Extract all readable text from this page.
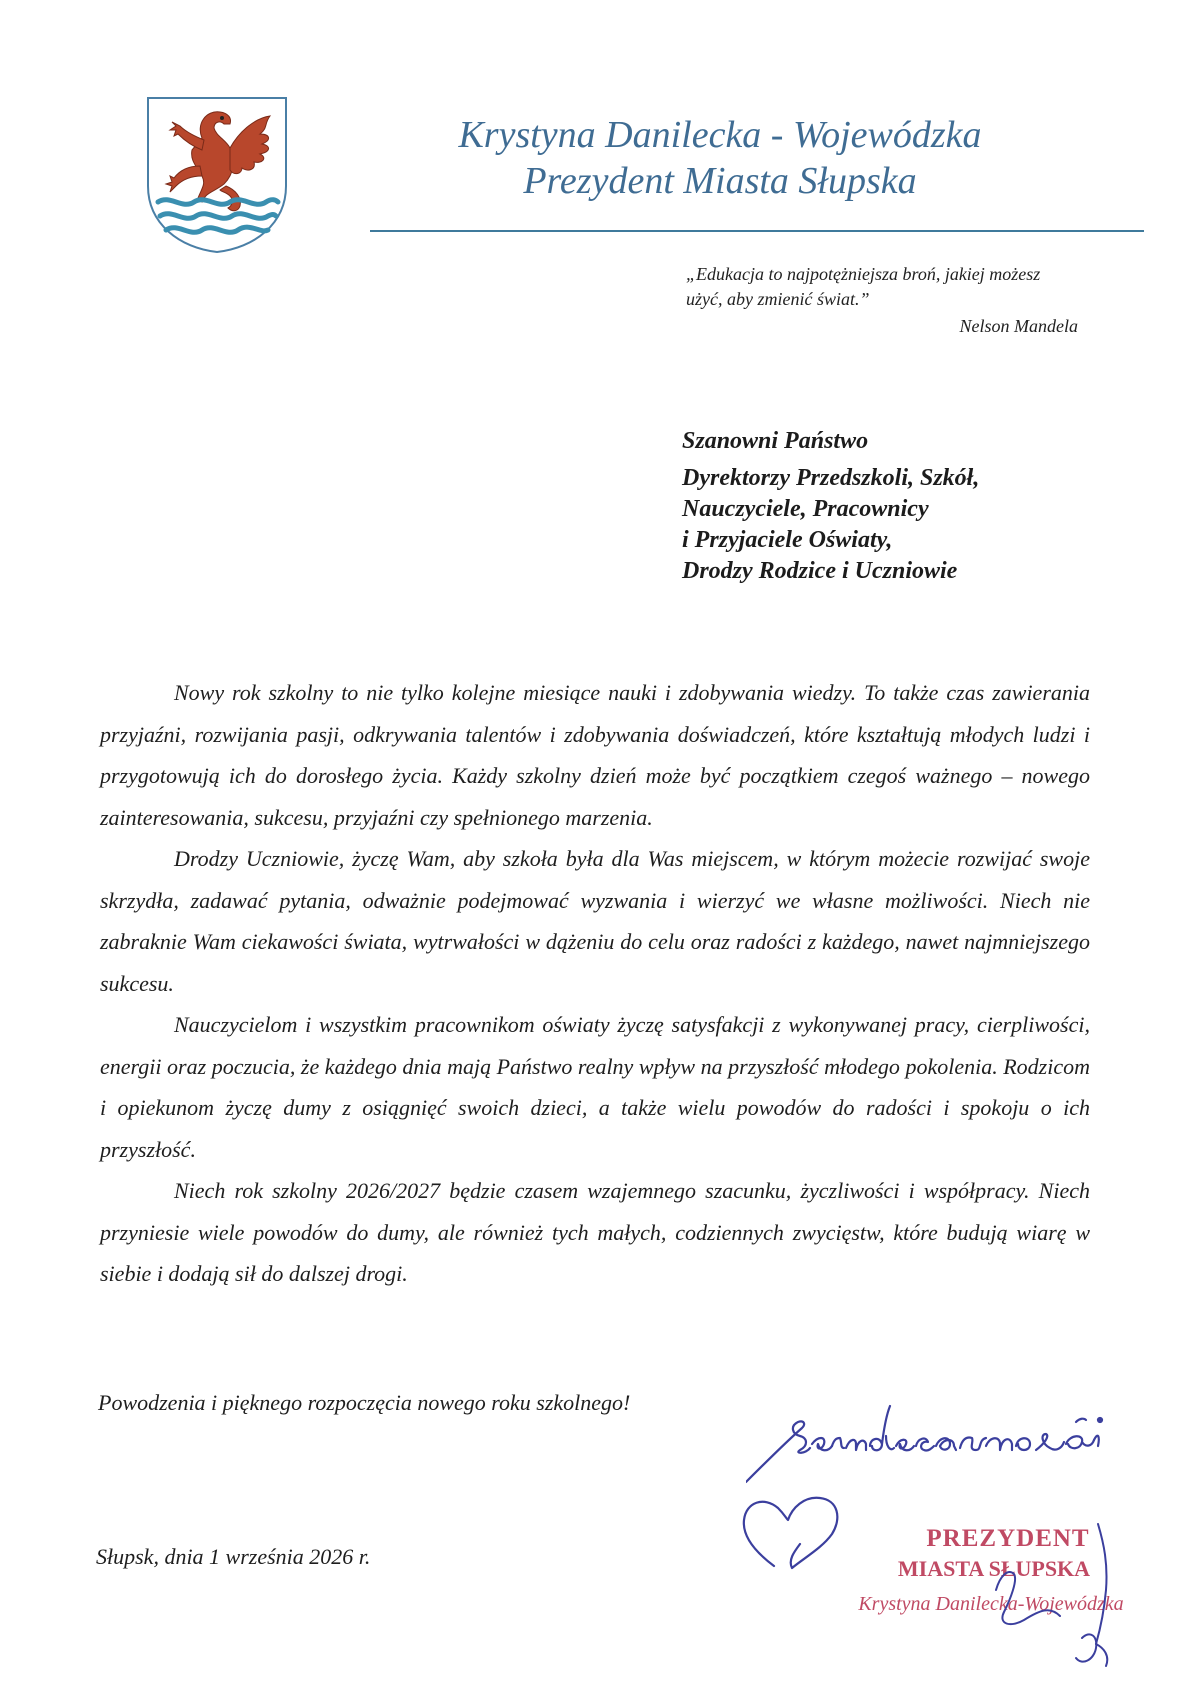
Krystyna Danilecka - Wojewódzka
Prezydent Miasta Słupska
„Edukacja to najpotężniejsza broń, jakiej możesz
użyć, aby zmienić świat.”
Nelson Mandela
Szanowni Państwo
Dyrektorzy Przedszkoli, Szkół,
Nauczyciele, Pracownicy
i Przyjaciele Oświaty,
Drodzy Rodzice i Uczniowie

Nowy rok szkolny to nie tylko kolejne miesiące nauki i zdobywania wiedzy. To także czas zawierania przyjaźni, rozwijania pasji, odkrywania talentów i zdobywania doświadczeń, które kształtują młodych ludzi i przygotowują ich do dorosłego życia. Każdy szkolny dzień może być początkiem czegoś ważnego – nowego zainteresowania, sukcesu, przyjaźni czy spełnionego marzenia.

Drodzy Uczniowie, życzę Wam, aby szkoła była dla Was miejscem, w którym możecie rozwijać swoje skrzydła, zadawać pytania, odważnie podejmować wyzwania i wierzyć we własne możliwości. Niech nie zabraknie Wam ciekawości świata, wytrwałości w dążeniu do celu oraz radości z każdego, nawet najmniejszego sukcesu.

Nauczycielom i wszystkim pracownikom oświaty życzę satysfakcji z wykonywanej pracy, cierpliwości, energii oraz poczucia, że każdego dnia mają Państwo realny wpływ na przyszłość młodego pokolenia. Rodzicom i opiekunom życzę dumy z osiągnięć swoich dzieci, a także wielu powodów do radości i spokoju o ich przyszłość.

Niech rok szkolny 2026/2027 będzie czasem wzajemnego szacunku, życzliwości i współpracy. Niech przyniesie wiele powodów do dumy, ale również tych małych, codziennych zwycięstw, które budują wiarę w siebie i dodają sił do dalszej drogi.

Powodzenia i pięknego rozpoczęcia nowego roku szkolnego!
Słupsk, dnia 1 września 2026 r.
PREZYDENT
MIASTA SŁUPSKA
Krystyna Danilecka-Wojewódzka
